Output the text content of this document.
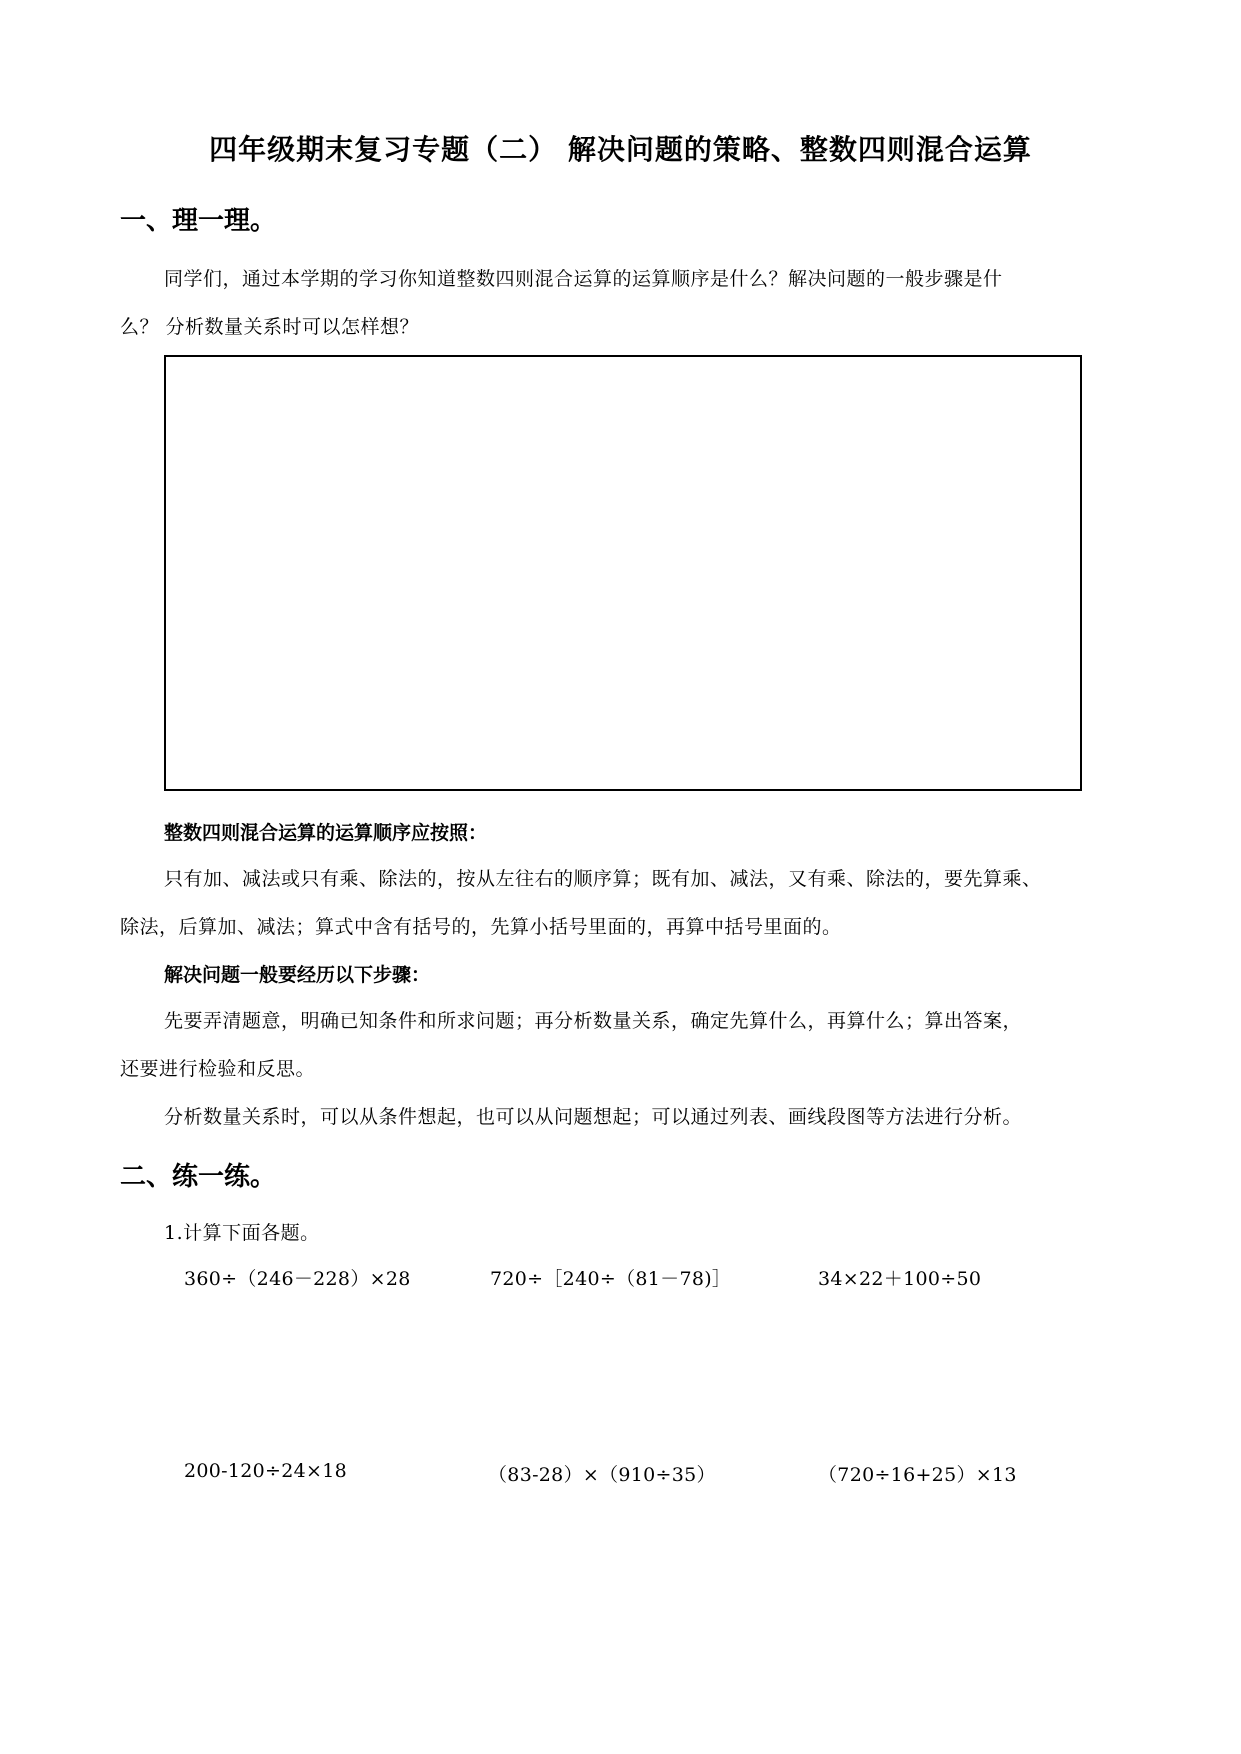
四年级期末复习专题（二） 解决问题的策略、整数四则混合运算
一、理一理。
同学们，通过本学期的学习你知道整数四则混合运算的运算顺序是什么？解决问题的一般步骤是什
么？ 分析数量关系时可以怎样想？
整数四则混合运算的运算顺序应按照：
只有加、减法或只有乘、除法的，按从左往右的顺序算；既有加、减法，又有乘、除法的，要先算乘、
除法，后算加、减法；算式中含有括号的，先算小括号里面的，再算中括号里面的。
解决问题一般要经历以下步骤：
先要弄清题意，明确已知条件和所求问题；再分析数量关系，确定先算什么，再算什么；算出答案，
还要进行检验和反思。
分析数量关系时，可以从条件想起，也可以从问题想起；可以通过列表、画线段图等方法进行分析。
二、练一练。
1.计算下面各题。
360÷（246－228）×28	720÷［240÷（81－78)］	34×22＋100÷50
200-120÷24×18	（83-28）×（910÷35）	（720÷16+25）×13
